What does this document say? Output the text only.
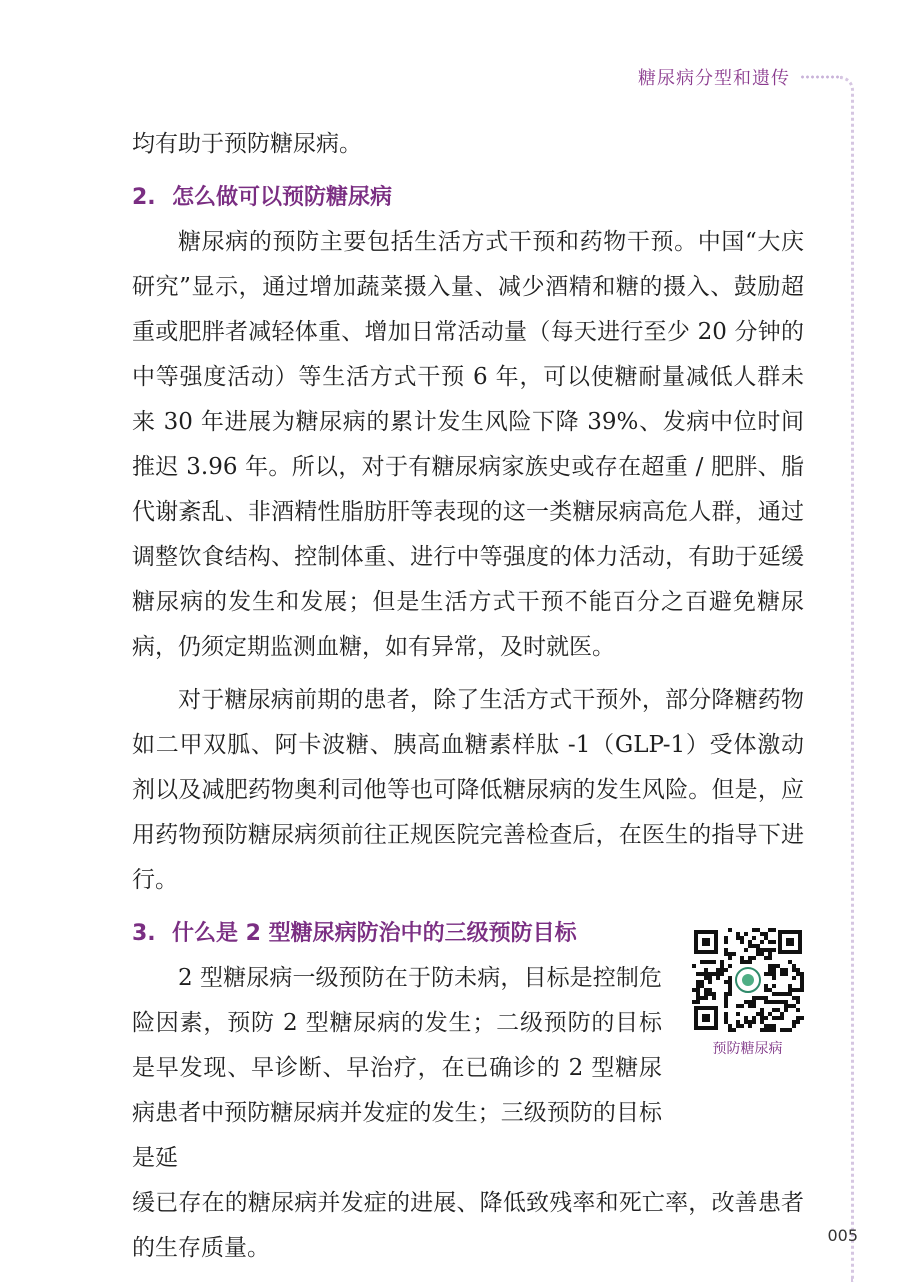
糖尿病分型和遗传

均有助于预防糖尿病。

2. 怎么做可以预防糖尿病

糖尿病的预防主要包括生活方式干预和药物干预。中国“大庆研究”显示，通过增加蔬菜摄入量、减少酒精和糖的摄入、鼓励超重或肥胖者减轻体重、增加日常活动量（每天进行至少 20 分钟的中等强度活动）等生活方式干预 6 年，可以使糖耐量减低人群未来 30 年进展为糖尿病的累计发生风险下降 39%、发病中位时间推迟 3.96 年。所以，对于有糖尿病家族史或存在超重 / 肥胖、脂代谢紊乱、非酒精性脂肪肝等表现的这一类糖尿病高危人群，通过调整饮食结构、控制体重、进行中等强度的体力活动，有助于延缓糖尿病的发生和发展；但是生活方式干预不能百分之百避免糖尿病，仍须定期监测血糖，如有异常，及时就医。

对于糖尿病前期的患者，除了生活方式干预外，部分降糖药物如二甲双胍、阿卡波糖、胰高血糖素样肽 -1（GLP-1）受体激动剂以及减肥药物奥利司他等也可降低糖尿病的发生风险。但是，应用药物预防糖尿病须前往正规医院完善检查后，在医生的指导下进行。

3. 什么是 2 型糖尿病防治中的三级预防目标

2 型糖尿病一级预防在于防未病，目标是控制危险因素，预防 2 型糖尿病的发生；二级预防的目标是早发现、早诊断、早治疗，在已确诊的 2 型糖尿病患者中预防糖尿病并发症的发生；三级预防的目标是延

缓已存在的糖尿病并发症的进展、降低致残率和死亡率，改善患者的生存质量。

预防糖尿病
005
